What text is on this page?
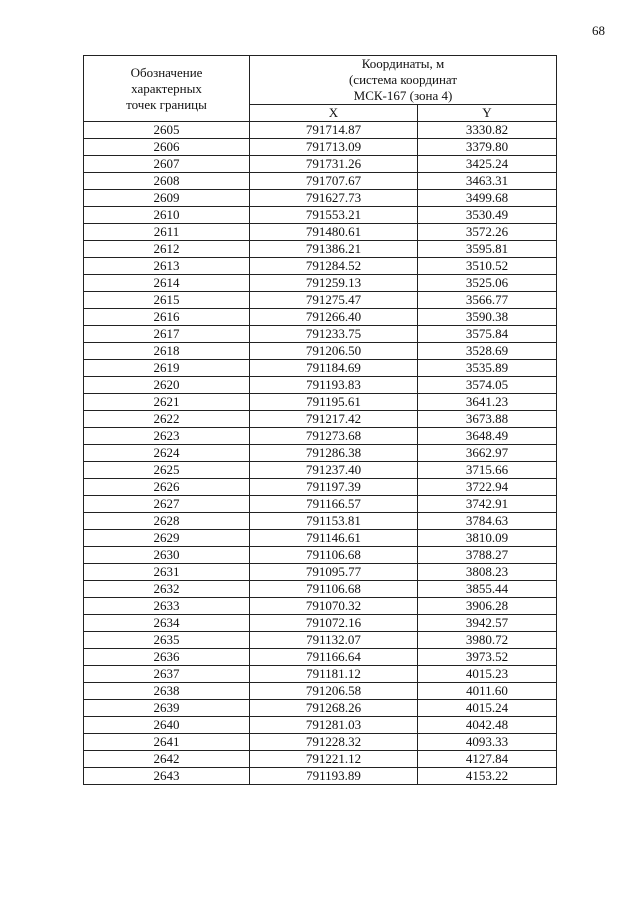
68
Обозначение
характерных
точек границы	Координаты, м
(система координат
МСК-167 (зона 4)	

	X	Y
2605	791714.87	3330.82
2606	791713.09	3379.80
2607	791731.26	3425.24
2608	791707.67	3463.31
2609	791627.73	3499.68
2610	791553.21	3530.49
2611	791480.61	3572.26
2612	791386.21	3595.81
2613	791284.52	3510.52
2614	791259.13	3525.06
2615	791275.47	3566.77
2616	791266.40	3590.38
2617	791233.75	3575.84
2618	791206.50	3528.69
2619	791184.69	3535.89
2620	791193.83	3574.05
2621	791195.61	3641.23
2622	791217.42	3673.88
2623	791273.68	3648.49
2624	791286.38	3662.97
2625	791237.40	3715.66
2626	791197.39	3722.94
2627	791166.57	3742.91
2628	791153.81	3784.63
2629	791146.61	3810.09
2630	791106.68	3788.27
2631	791095.77	3808.23
2632	791106.68	3855.44
2633	791070.32	3906.28
2634	791072.16	3942.57
2635	791132.07	3980.72
2636	791166.64	3973.52
2637	791181.12	4015.23
2638	791206.58	4011.60
2639	791268.26	4015.24
2640	791281.03	4042.48
2641	791228.32	4093.33
2642	791221.12	4127.84
2643	791193.89	4153.22
